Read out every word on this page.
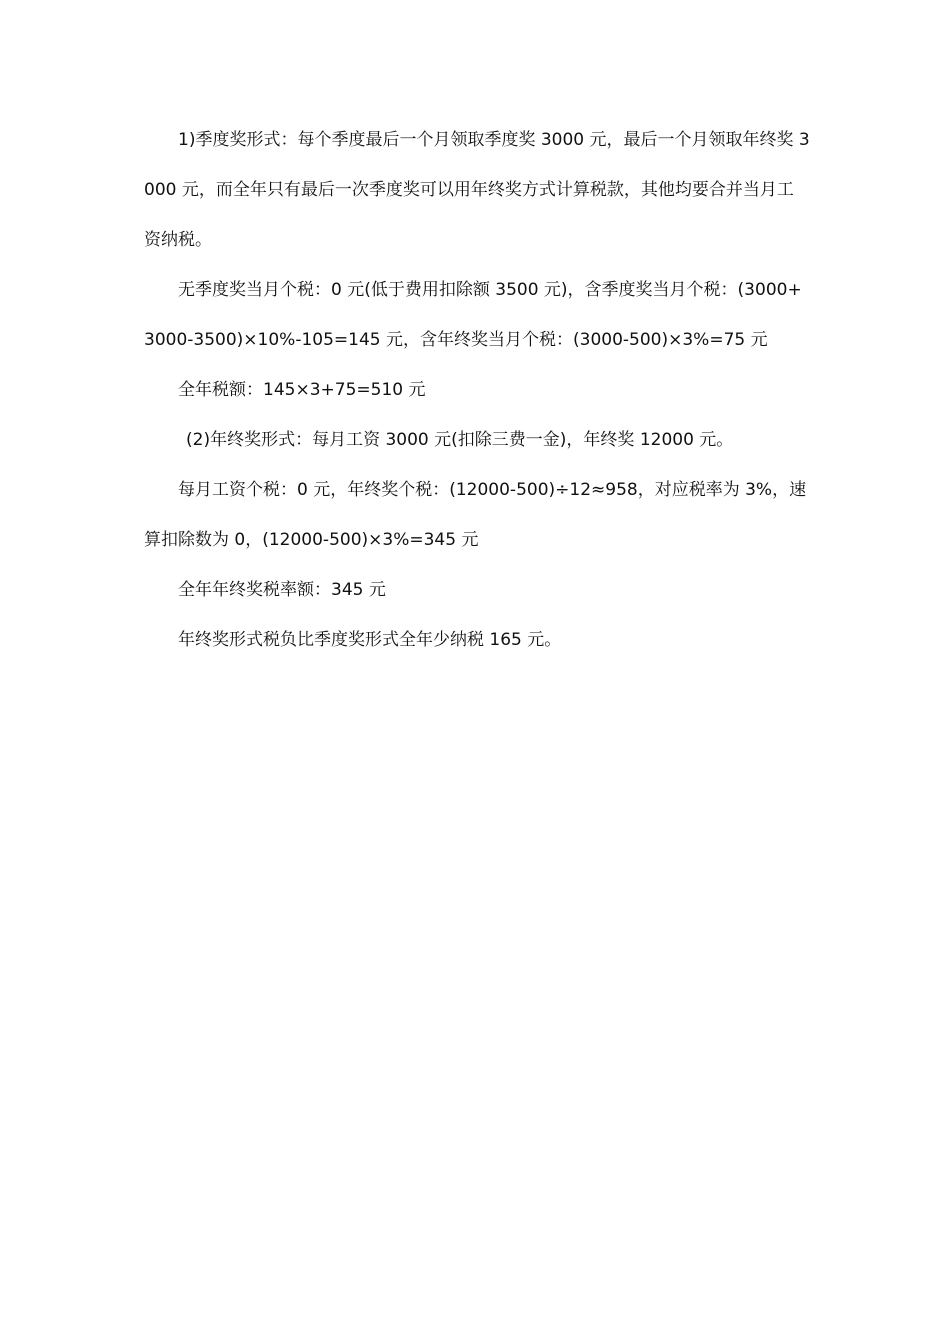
1)季度奖形式：每个季度最后一个月领取季度奖 3000 元，最后一个月领取年终奖 3000 元，而全年只有最后一次季度奖可以用年终奖方式计算税款，其他均要合并当月工资纳税。

无季度奖当月个税：0 元(低于费用扣除额 3500 元)，含季度奖当月个税：(3000+3000-3500)×10%-105=145 元，含年终奖当月个税：(3000-500)×3%=75 元

全年税额：145×3+75=510 元

(2)年终奖形式：每月工资 3000 元(扣除三费一金)，年终奖 12000 元。

每月工资个税：0 元，年终奖个税：(12000-500)÷12≈958，对应税率为 3%，速算扣除数为 0，(12000-500)×3%=345 元

全年年终奖税率额：345 元

年终奖形式税负比季度奖形式全年少纳税 165 元。
